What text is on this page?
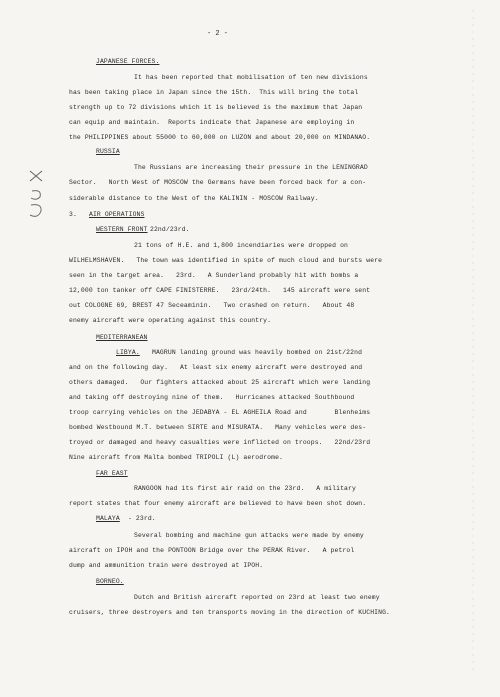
- 2 -
JAPANESE FORCES.
It has been reported that mobilisation of ten new divisions
has been taking place in Japan since the 15th.  This will bring the total
strength up to 72 divisions which it is believed is the maximum that Japan
can equip and maintain.  Reports indicate that Japanese are employing in
the PHILIPPINES about 55000 to 60,000 on LUZON and about 20,000 on MINDANAO.
RUSSIA
The Russians are increasing their pressure in the LENINGRAD
Sector.   North West of MOSCOW the Germans have been forced back for a con-
siderable distance to the West of the KALININ - MOSCOW Railway.
3. AIR OPERATIONS
WESTERN FRONT 22nd/23rd.
21 tons of H.E. and 1,800 incendiaries were dropped on
WILHELMSHAVEN.   The town was identified in spite of much cloud and bursts were
seen in the target area.   23rd.   A Sunderland probably hit with bombs a
12,000 ton tanker off CAPE FINISTERRE.   23rd/24th.   145 aircraft were sent
out COLOGNE 69, BREST 47 Seceaminin.   Two crashed on return.   About 48
enemy aircraft were operating against this country.
MEDITERRANEAN
LIBYA. MAGRUN landing ground was heavily bombed on 21st/22nd
and on the following day.   At least six enemy aircraft were destroyed and
others damaged.   Our fighters attacked about 25 aircraft which were landing
and taking off destroying nine of them.   Hurricanes attacked Southbound
troop carrying vehicles on the JEDABYA - EL AGHEILA Road and       Blenheims
bombed Westbound M.T. between SIRTE and MISURATA.   Many vehicles were des-
troyed or damaged and heavy casualties were inflicted on troops.   22nd/23rd
Nine aircraft from Malta bombed TRIPOLI (L) aerodrome.
FAR EAST
RANGOON had its first air raid on the 23rd.   A military
report states that four enemy aircraft are believed to have been shot down.
MALAYA - 23rd.
Several bombing and machine gun attacks were made by enemy
aircraft on IPOH and the PONTOON Bridge over the PERAK River.   A petrol
dump and ammunition train were destroyed at IPOH.
BORNEO.
Dutch and British aircraft reported on 23rd at least two enemy
cruisers, three destroyers and ten transports moving in the direction of KUCHING.
